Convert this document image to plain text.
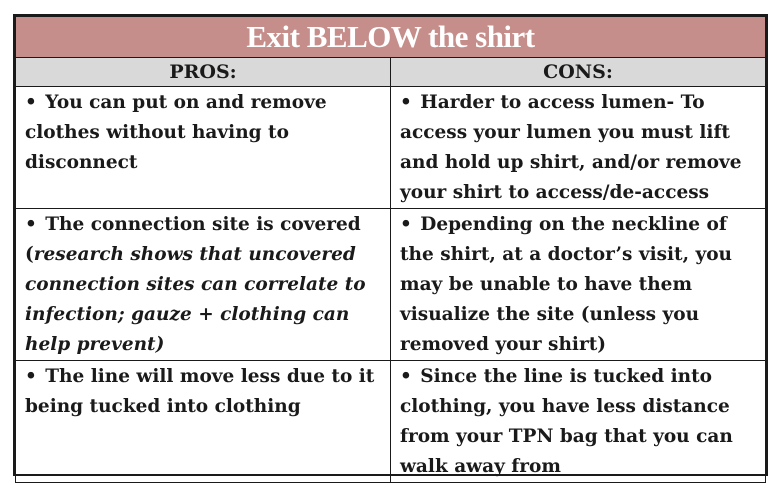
Exit BELOW the shirt	
PROS:	CONS:

• You can put on and remove clothes without having to disconnect	• Harder to access lumen- To access your lumen you must lift and hold up shirt, and/or remove your shirt to access/de-access

• The connection site is covered (research shows that uncovered connection sites can correlate to infection; gauze + clothing can help prevent)	• Depending on the neckline of the shirt, at a doctor’s visit, you may be unable to have them visualize the site (unless you removed your shirt)

• The line will move less due to it being tucked into clothing	• Since the line is tucked into clothing, you have less distance from your TPN bag that you can walk away from
